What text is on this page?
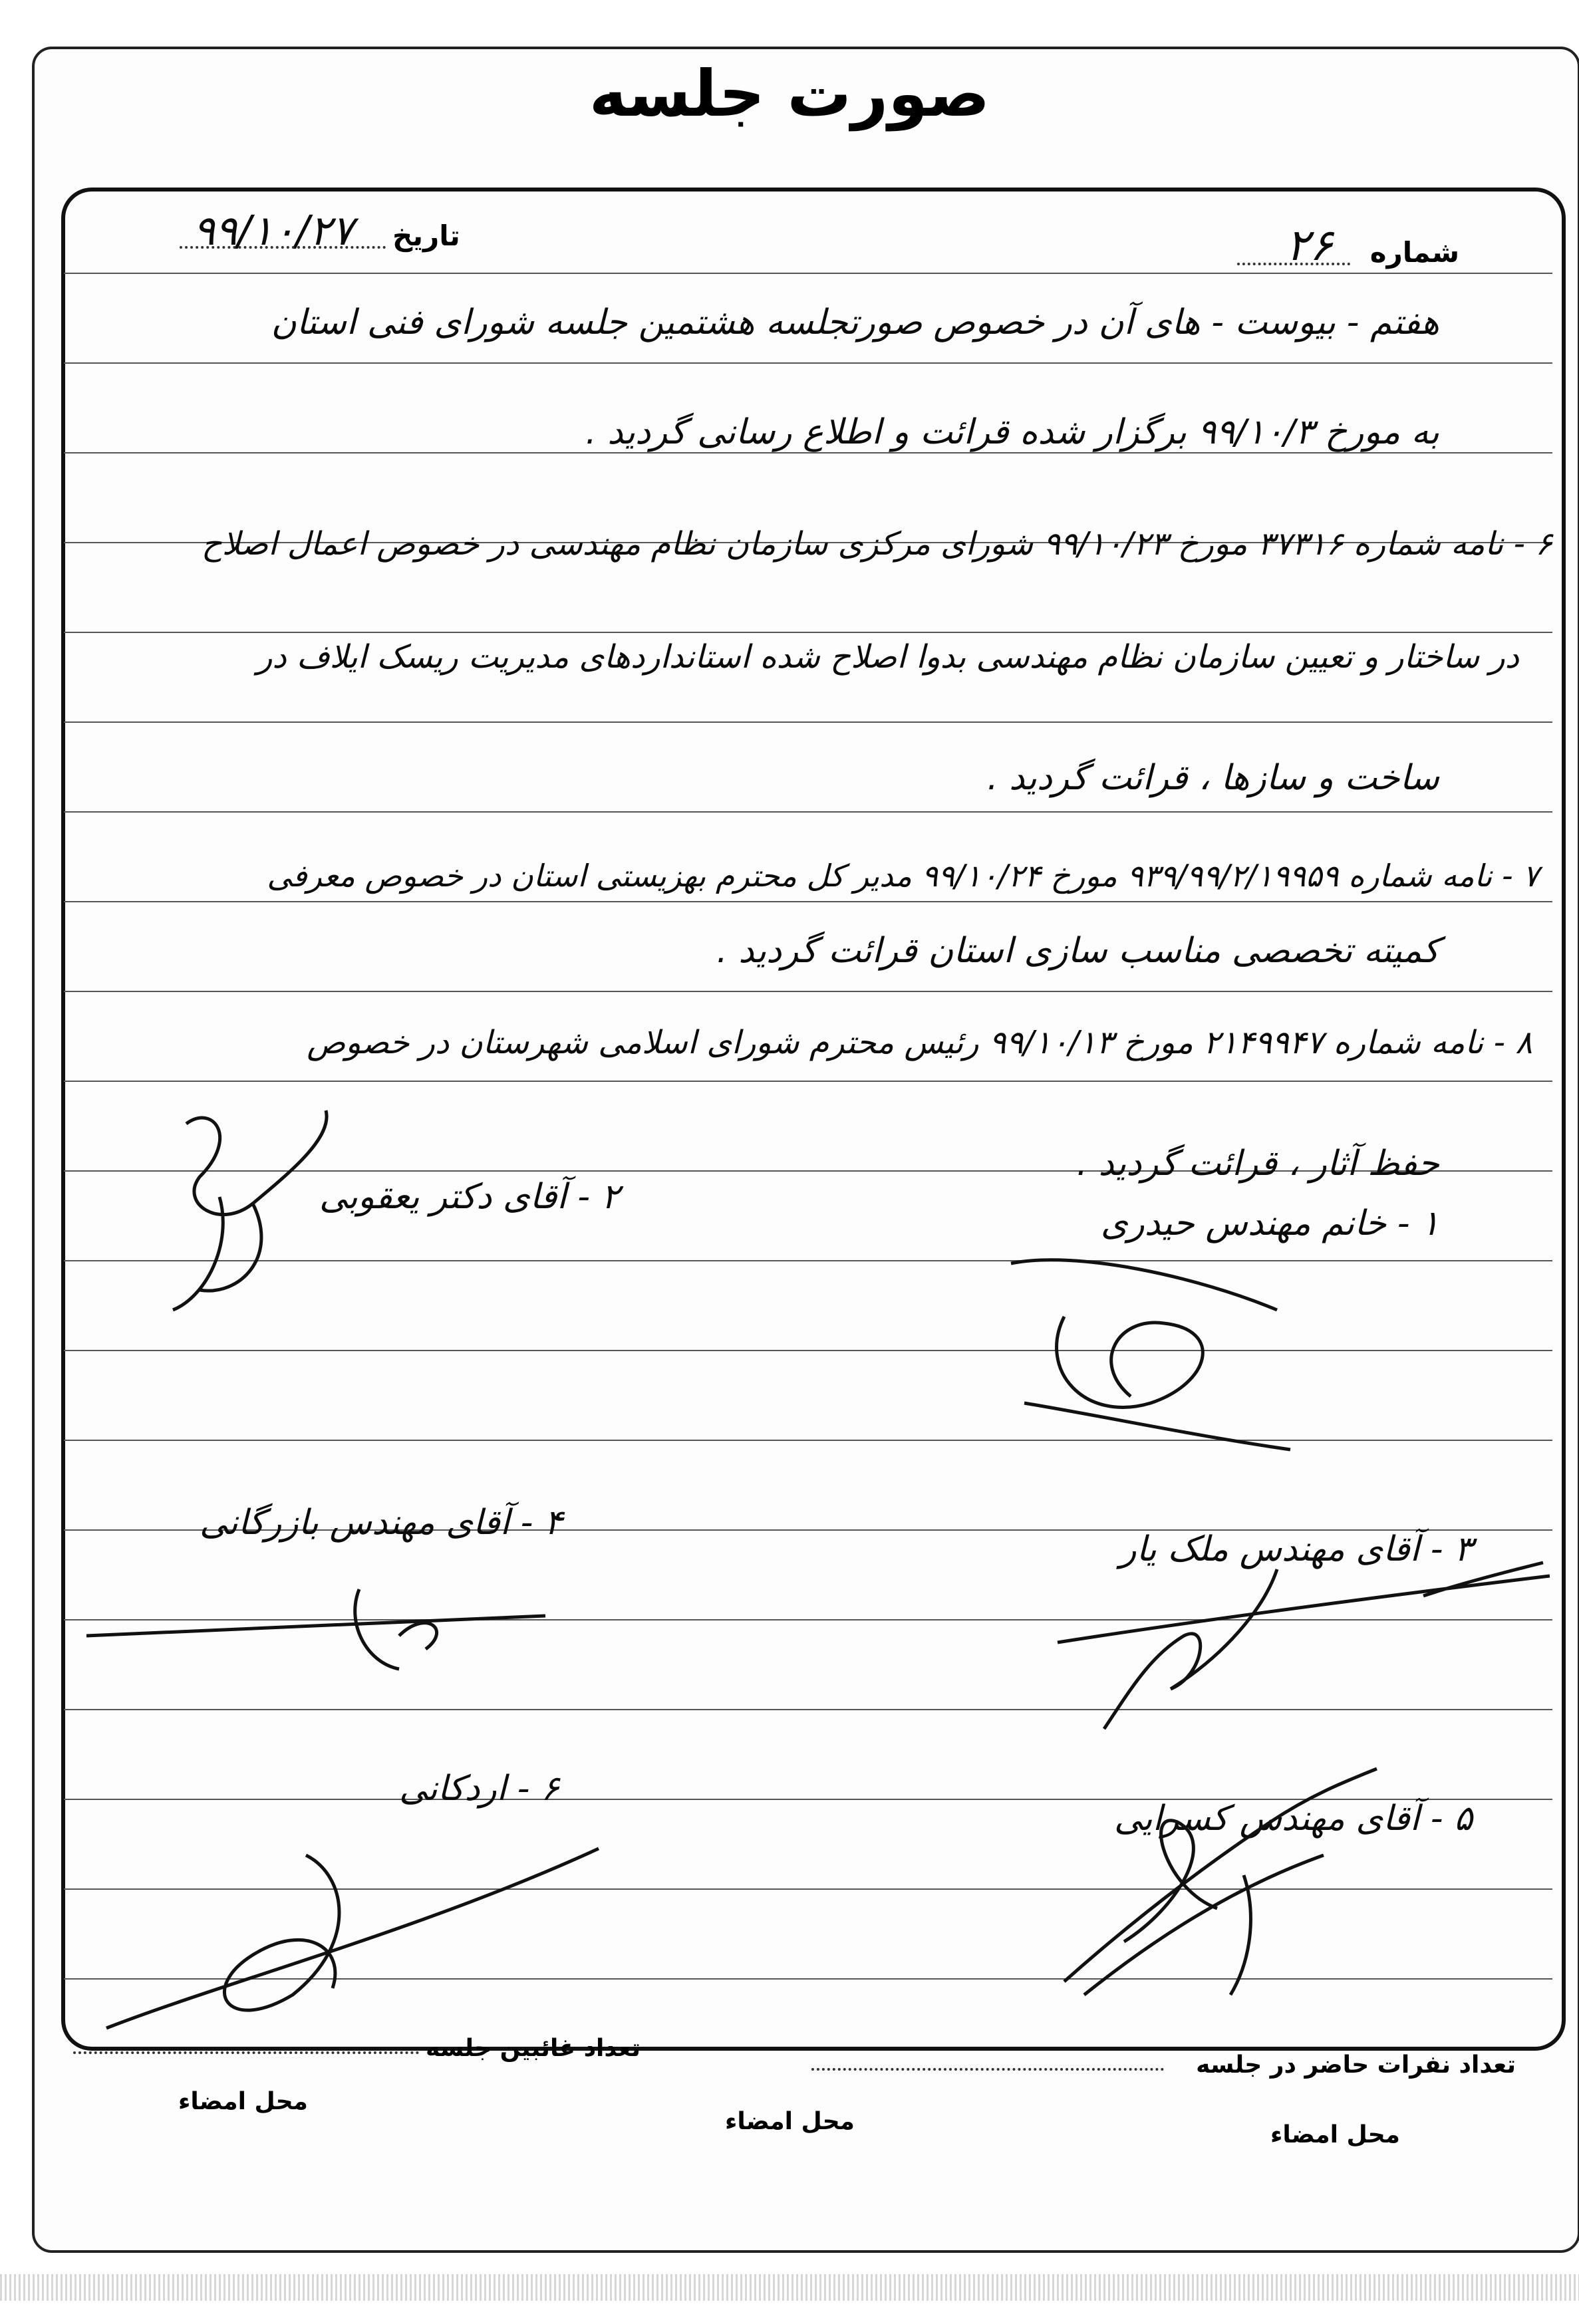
صورت جلسه
شماره
۲۶
تاریخ
۹۹/۱۰/۲۷
هفتم - بیوست - های آن در خصوص صورتجلسه هشتمین جلسه شورای فنی استان
به مورخ ۹۹/۱۰/۳ برگزار شده قرائت و اطلاع رسانی گردید .
۶ - نامه شماره ۳۷۳۱۶ مورخ ۹۹/۱۰/۲۳ شورای مرکزی سازمان نظام مهندسی در خصوص اعمال اصلاح
در ساختار و تعیین سازمان نظام مهندسی بدوا اصلاح شده استانداردهای مدیریت ریسک ایلاف در
ساخت و سازها ، قرائت گردید .
۷ - نامه شماره ۹۳۹/۹۹/۲/۱۹۹۵۹ مورخ ۹۹/۱۰/۲۴ مدیر کل محترم بهزیستی استان در خصوص معرفی
کمیته تخصصی مناسب سازی استان قرائت گردید .
۸ - نامه شماره ۲۱۴۹۹۴۷ مورخ ۹۹/۱۰/۱۳ رئیس محترم شورای اسلامی شهرستان در خصوص
حفظ آثار ، قرائت گردید .
۱ - خانم مهندس حیدری
۲ - آقای دکتر یعقوبی
۳ - آقای مهندس ملک یار
۴ - آقای مهندس بازرگانی
۵ - آقای مهندس کسرایی
۶ - اردکانی
تعداد نفرات حاضر در جلسه
تعداد غائبین جلسه
محل امضاء
محل امضاء	محل امضاء
